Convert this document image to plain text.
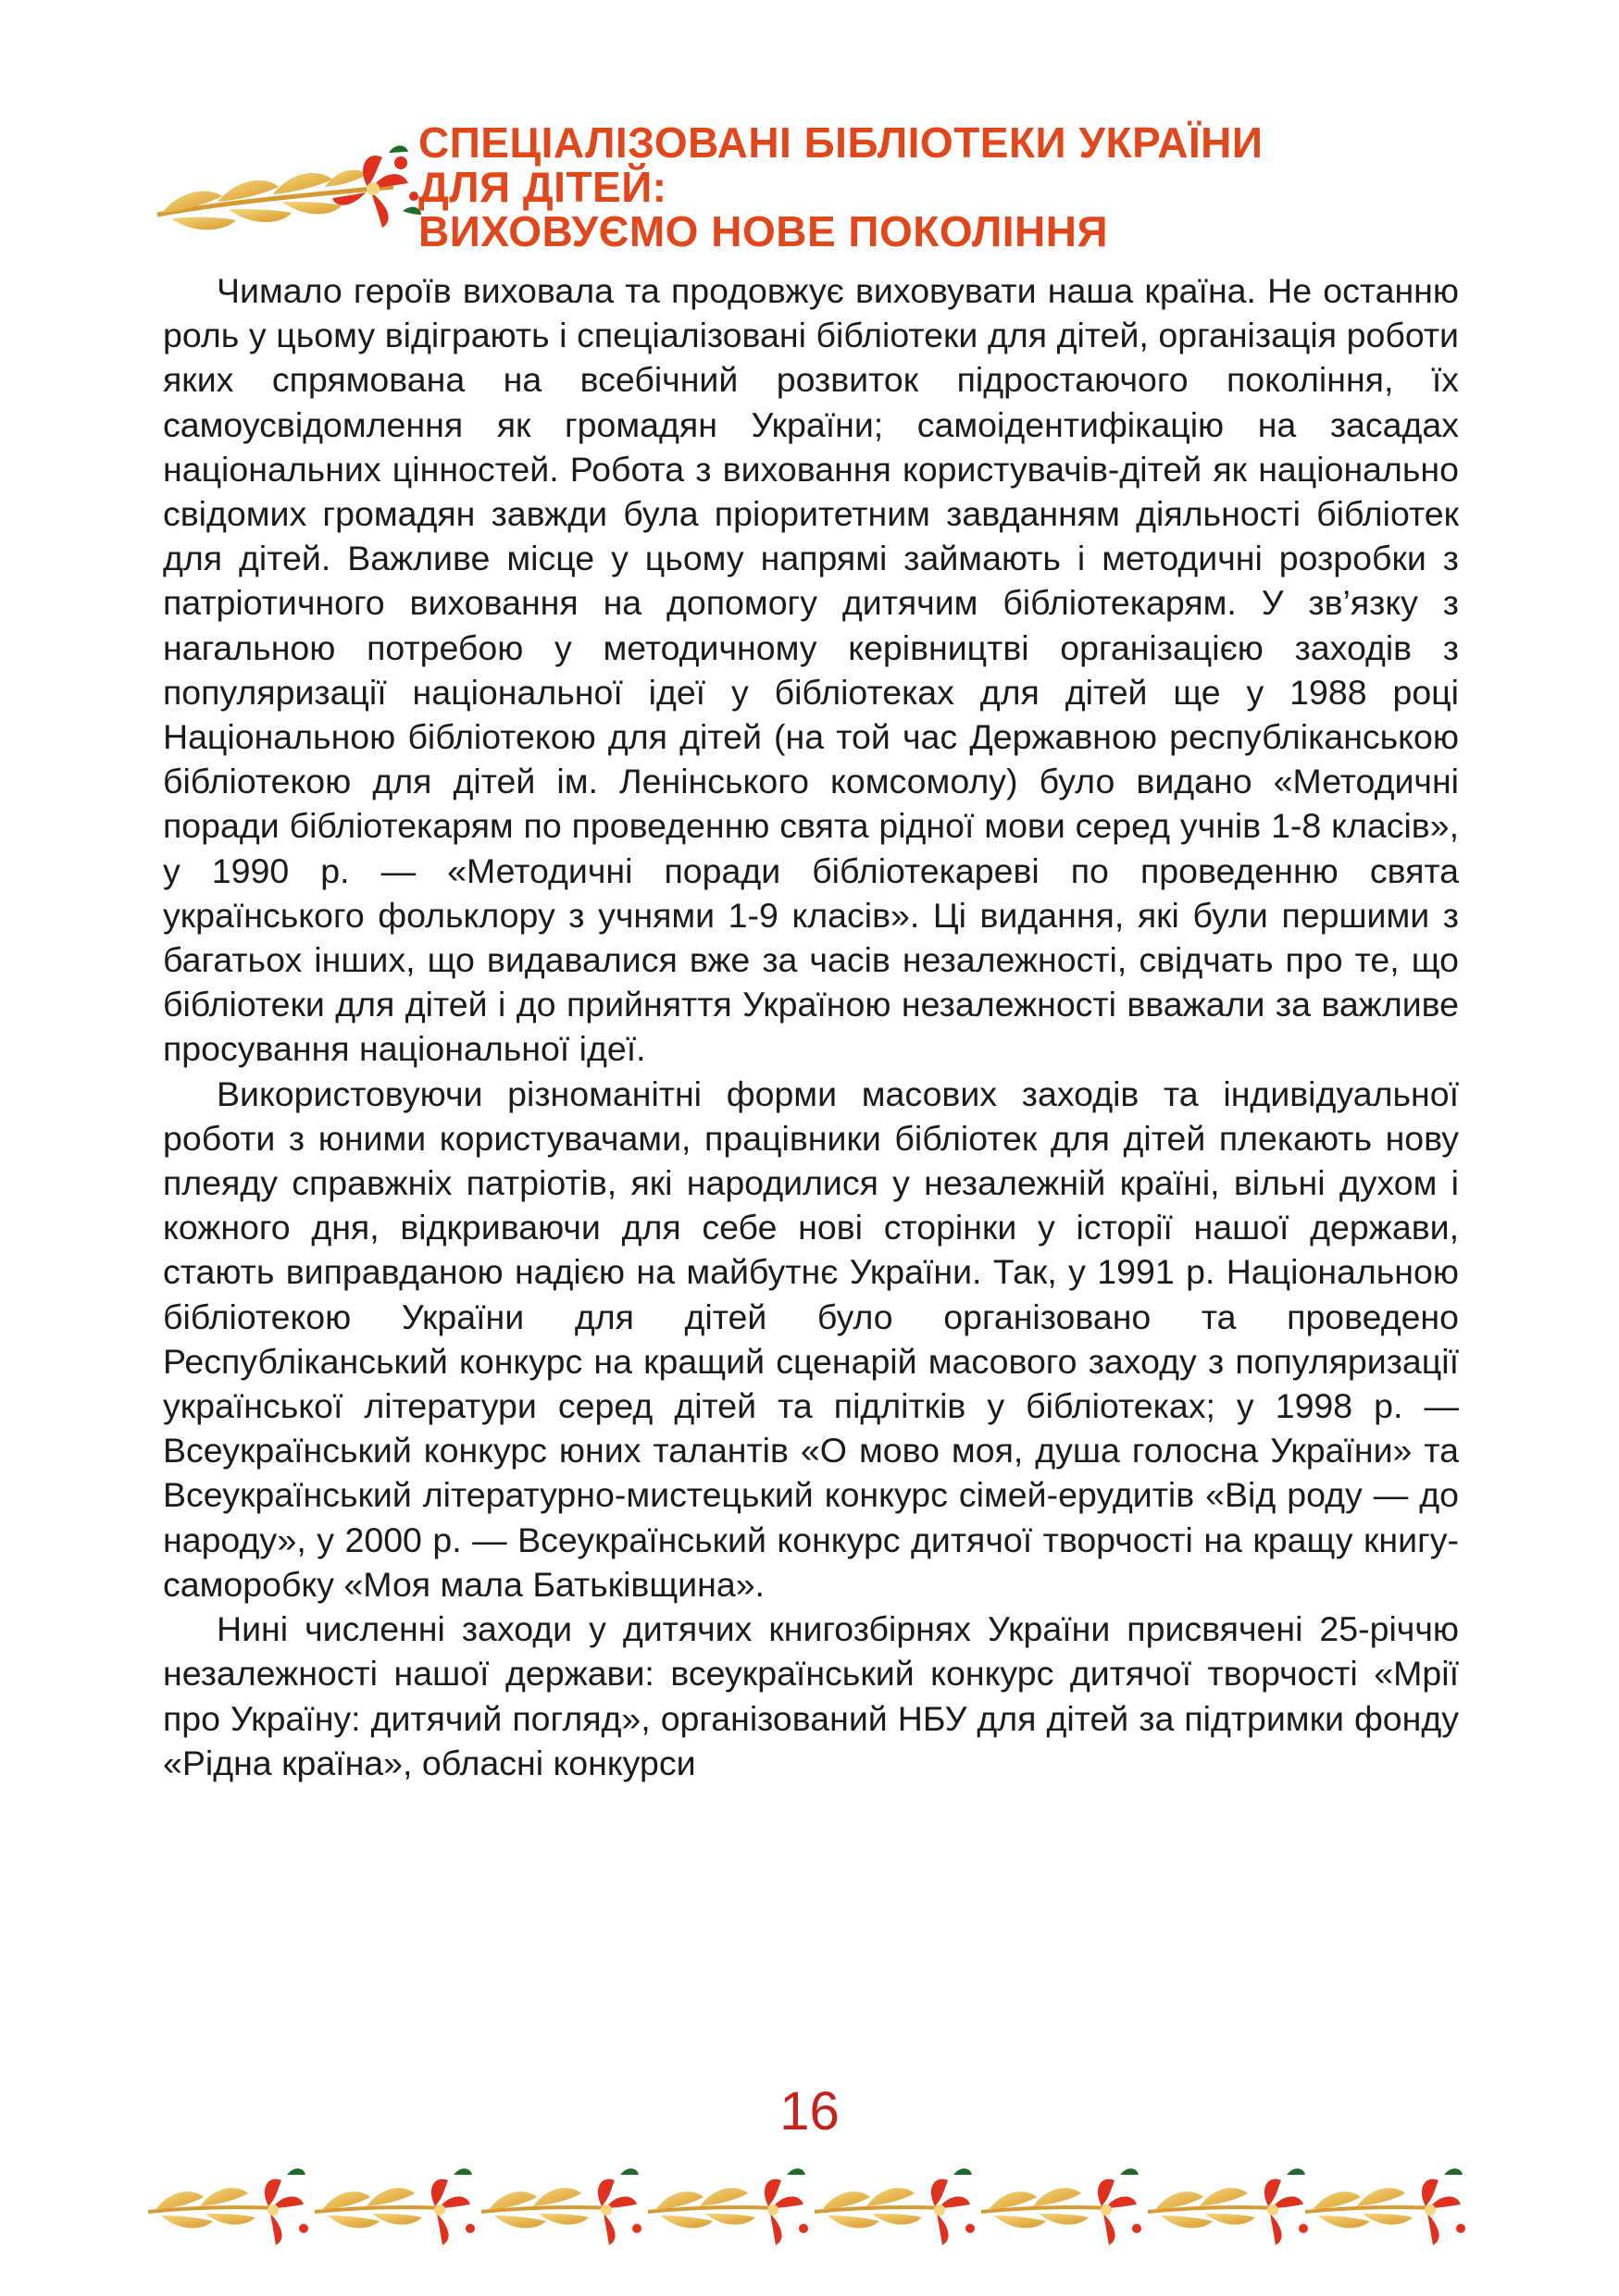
СПЕЦІАЛІЗОВАНІ БІБЛІОТЕКИ УКРАЇНИ
ДЛЯ ДІТЕЙ:
ВИХОВУЄМО НОВЕ ПОКОЛІННЯ

Чимало героїв виховала та продовжує виховувати наша країна. Не останню роль у цьому відіграють і спеціалізовані бібліотеки для дітей, організація роботи яких спрямована на всебічний розвиток підростаючого покоління, їх самоусвідомлення як громадян України; самоідентифікацію на засадах національних цінностей. Робота з виховання користувачів-дітей як національно свідомих громадян завжди була пріоритетним завданням діяльності бібліотек для дітей. Важливе місце у цьому напрямі займають і методичні розробки з патріотичного виховання на допомогу дитячим бібліотекарям. У зв’язку з нагальною потребою у методичному керівництві організацією заходів з популяризації національної ідеї у бібліотеках для дітей ще у 1988 році Національною бібліотекою для дітей (на той час Державною республіканською бібліотекою для дітей ім. Ленінського комсомолу) було видано «Методичні поради бібліотекарям по проведенню свята рідної мови серед учнів 1-8 класів», у 1990 р. — «Методичні поради бібліотекареві по проведенню свята українського фольклору з учнями 1-9 класів». Ці видання, які були першими з багатьох інших, що видавалися вже за часів незалежності, свідчать про те, що бібліотеки для дітей і до прийняття Україною незалежності вважали за важливе просування національної ідеї.

Використовуючи різноманітні форми масових заходів та індивідуальної роботи з юними користувачами, працівники бібліотек для дітей плекають нову плеяду справжніх патріотів, які народилися у незалежній країні, вільні духом і кожного дня, відкриваючи для себе нові сторінки у історії нашої держави, стають виправданою надією на майбутнє України. Так, у 1991 р. Національною бібліотекою України для дітей було організовано та проведено Республіканський конкурс на кращий сценарій масового заходу з популяризації української літератури серед дітей та підлітків у бібліотеках; у 1998 р. — Всеукраїнський конкурс юних талантів «О мово моя, душа голосна України» та Всеукраїнський літературно-мистецький конкурс сімей-ерудитів «Від роду — до народу», у 2000 р. — Всеукраїнський конкурс дитячої творчості на кращу книгу-саморобку «Моя мала Батьківщина».

Нині численні заходи у дитячих книгозбірнях України присвячені 25-річчю незалежності нашої держави: всеукраїнський конкурс дитячої творчості «Мрії про Україну: дитячий погляд», організований НБУ для дітей за підтримки фонду «Рідна країна», обласні конкурси

16
